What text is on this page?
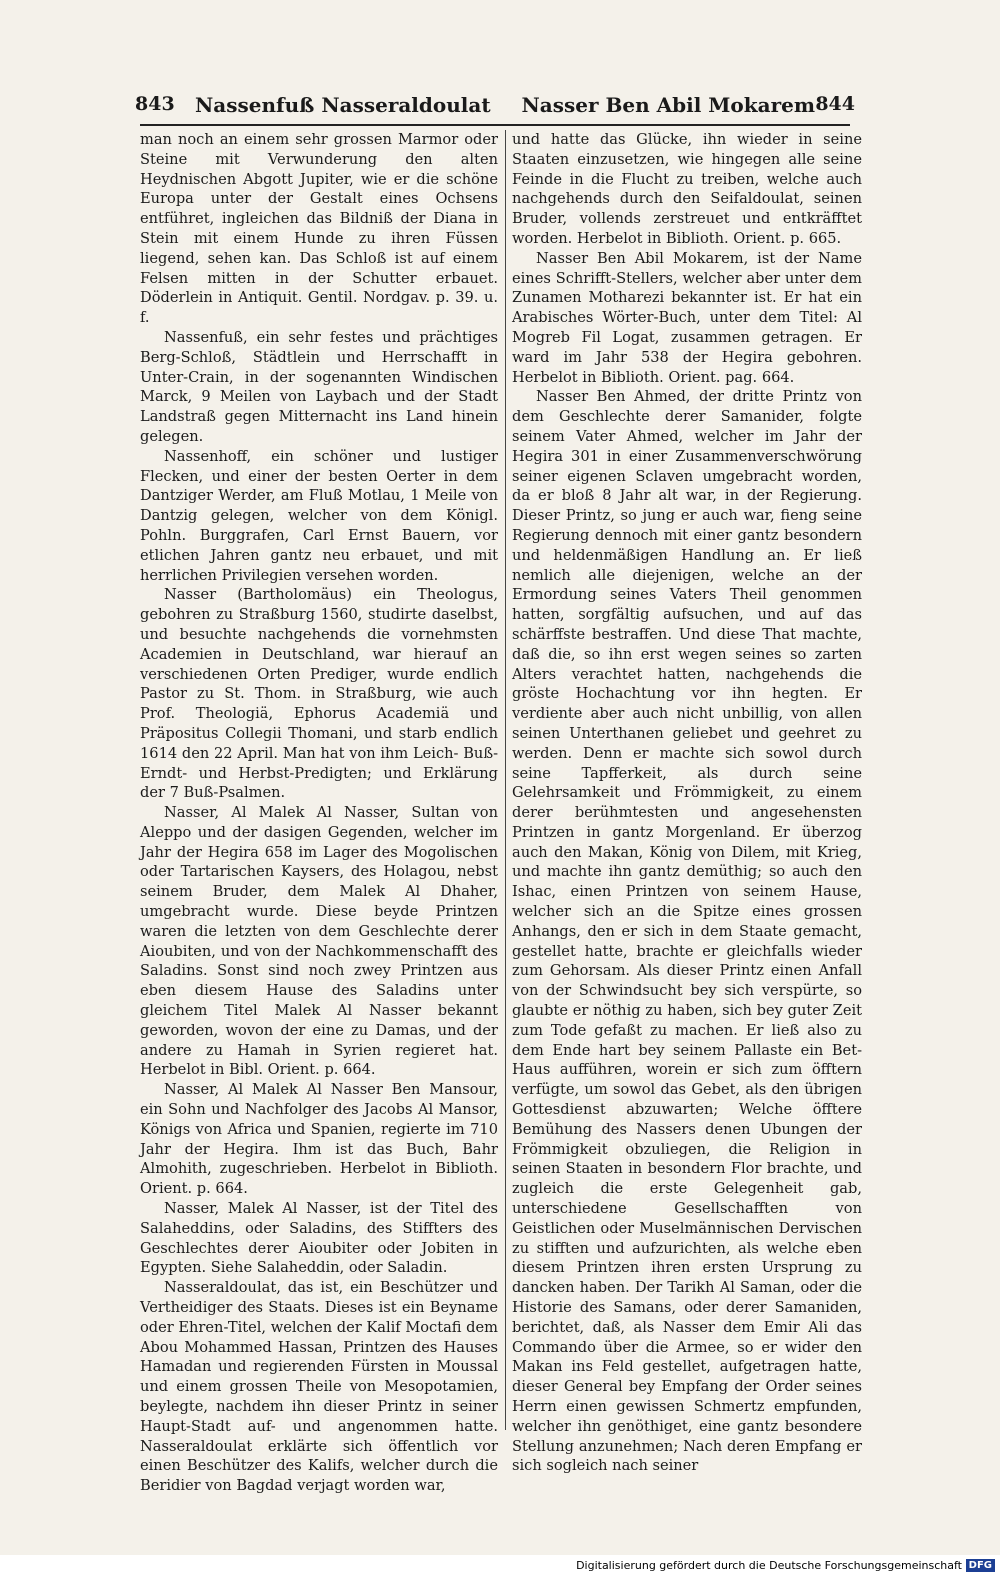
843 Nassenfuß Nasseraldoulat Nasser Ben Abil Mokarem 844

man noch an einem sehr grossen Marmor oder Steine mit Verwunderung den alten Heydnischen Abgott Jupiter, wie er die schöne Europa unter der Gestalt eines Ochsens entführet, ingleichen das Bildniß der Diana in Stein mit einem Hunde zu ihren Füssen liegend, sehen kan. Das Schloß ist auf einem Felsen mitten in der Schutter erbauet. Döderlein in Antiquit. Gentil. Nordgav. p. 39. u. f.

Nassenfuß, ein sehr festes und prächtiges Berg-Schloß, Städtlein und Herrschafft in Unter-Crain, in der sogenannten Windischen Marck, 9 Meilen von Laybach und der Stadt Landstraß gegen Mitternacht ins Land hinein gelegen.

Nassenhoff, ein schöner und lustiger Flecken, und einer der besten Oerter in dem Dantziger Werder, am Fluß Motlau, 1 Meile von Dantzig gelegen, welcher von dem Königl. Pohln. Burggrafen, Carl Ernst Bauern, vor etlichen Jahren gantz neu erbauet, und mit herrlichen Privilegien versehen worden.

Nasser (Bartholomäus) ein Theologus, gebohren zu Straßburg 1560, studirte daselbst, und besuchte nachgehends die vornehmsten Academien in Deutschland, war hierauf an verschiedenen Orten Prediger, wurde endlich Pastor zu St. Thom. in Straßburg, wie auch Prof. Theologiä, Ephorus Academiä und Präpositus Collegii Thomani, und starb endlich 1614 den 22 April. Man hat von ihm Leich- Buß- Erndt- und Herbst-Predigten; und Erklärung der 7 Buß-Psalmen.

Nasser, Al Malek Al Nasser, Sultan von Aleppo und der dasigen Gegenden, welcher im Jahr der Hegira 658 im Lager des Mogolischen oder Tartarischen Kaysers, des Holagou, nebst seinem Bruder, dem Malek Al Dhaher, umgebracht wurde. Diese beyde Printzen waren die letzten von dem Geschlechte derer Aioubiten, und von der Nachkommenschafft des Saladins. Sonst sind noch zwey Printzen aus eben diesem Hause des Saladins unter gleichem Titel Malek Al Nasser bekannt geworden, wovon der eine zu Damas, und der andere zu Hamah in Syrien regieret hat. Herbelot in Bibl. Orient. p. 664.

Nasser, Al Malek Al Nasser Ben Mansour, ein Sohn und Nachfolger des Jacobs Al Mansor, Königs von Africa und Spanien, regierte im 710 Jahr der Hegira. Ihm ist das Buch, Bahr Almohith, zugeschrieben. Herbelot in Biblioth. Orient. p. 664.

Nasser, Malek Al Nasser, ist der Titel des Salaheddins, oder Saladins, des Stiffters des Geschlechtes derer Aioubiter oder Jobiten in Egypten. Siehe Salaheddin, oder Saladin.

Nasseraldoulat, das ist, ein Beschützer und Vertheidiger des Staats. Dieses ist ein Beyname oder Ehren-Titel, welchen der Kalif Moctafi dem Abou Mohammed Hassan, Printzen des Hauses Hamadan und regierenden Fürsten in Moussal und einem grossen Theile von Mesopotamien, beylegte, nachdem ihn dieser Printz in seiner Haupt-Stadt auf- und angenommen hatte. Nasseraldoulat erklärte sich öffentlich vor einen Beschützer des Kalifs, welcher durch die Beridier von Bagdad verjagt worden war,

und hatte das Glücke, ihn wieder in seine Staaten einzusetzen, wie hingegen alle seine Feinde in die Flucht zu treiben, welche auch nachgehends durch den Seifaldoulat, seinen Bruder, vollends zerstreuet und entkräfftet worden. Herbelot in Biblioth. Orient. p. 665.

Nasser Ben Abil Mokarem, ist der Name eines Schrifft-Stellers, welcher aber unter dem Zunamen Motharezi bekannter ist. Er hat ein Arabisches Wörter-Buch, unter dem Titel: Al Mogreb Fil Logat, zusammen getragen. Er ward im Jahr 538 der Hegira gebohren. Herbelot in Biblioth. Orient. pag. 664.

Nasser Ben Ahmed, der dritte Printz von dem Geschlechte derer Samanider, folgte seinem Vater Ahmed, welcher im Jahr der Hegira 301 in einer Zusammenverschwörung seiner eigenen Sclaven umgebracht worden, da er bloß 8 Jahr alt war, in der Regierung. Dieser Printz, so jung er auch war, fieng seine Regierung dennoch mit einer gantz besondern und heldenmäßigen Handlung an. Er ließ nemlich alle diejenigen, welche an der Ermordung seines Vaters Theil genommen hatten, sorgfältig aufsuchen, und auf das schärffste bestraffen. Und diese That machte, daß die, so ihn erst wegen seines so zarten Alters verachtet hatten, nachgehends die gröste Hochachtung vor ihn hegten. Er verdiente aber auch nicht unbillig, von allen seinen Unterthanen geliebet und geehret zu werden. Denn er machte sich sowol durch seine Tapfferkeit, als durch seine Gelehrsamkeit und Frömmigkeit, zu einem derer berühmtesten und angesehensten Printzen in gantz Morgenland. Er überzog auch den Makan, König von Dilem, mit Krieg, und machte ihn gantz demüthig; so auch den Ishac, einen Printzen von seinem Hause, welcher sich an die Spitze eines grossen Anhangs, den er sich in dem Staate gemacht, gestellet hatte, brachte er gleichfalls wieder zum Gehorsam. Als dieser Printz einen Anfall von der Schwindsucht bey sich verspürte, so glaubte er nöthig zu haben, sich bey guter Zeit zum Tode gefaßt zu machen. Er ließ also zu dem Ende hart bey seinem Pallaste ein Bet-Haus aufführen, worein er sich zum öfftern verfügte, um sowol das Gebet, als den übrigen Gottesdienst abzuwarten; Welche öfftere Bemühung des Nassers denen Ubungen der Frömmigkeit obzuliegen, die Religion in seinen Staaten in besondern Flor brachte, und zugleich die erste Gelegenheit gab, unterschiedene Gesellschafften von Geistlichen oder Muselmännischen Dervischen zu stifften und aufzurichten, als welche eben diesem Printzen ihren ersten Ursprung zu dancken haben. Der Tarikh Al Saman, oder die Historie des Samans, oder derer Samaniden, berichtet, daß, als Nasser dem Emir Ali das Commando über die Armee, so er wider den Makan ins Feld gestellet, aufgetragen hatte, dieser General bey Empfang der Order seines Herrn einen gewissen Schmertz empfunden, welcher ihn genöthiget, eine gantz besondere Stellung anzunehmen; Nach deren Empfang er sich sogleich nach seiner

Digitalisierung gefördert durch die Deutsche Forschungsgemeinschaft DFG
